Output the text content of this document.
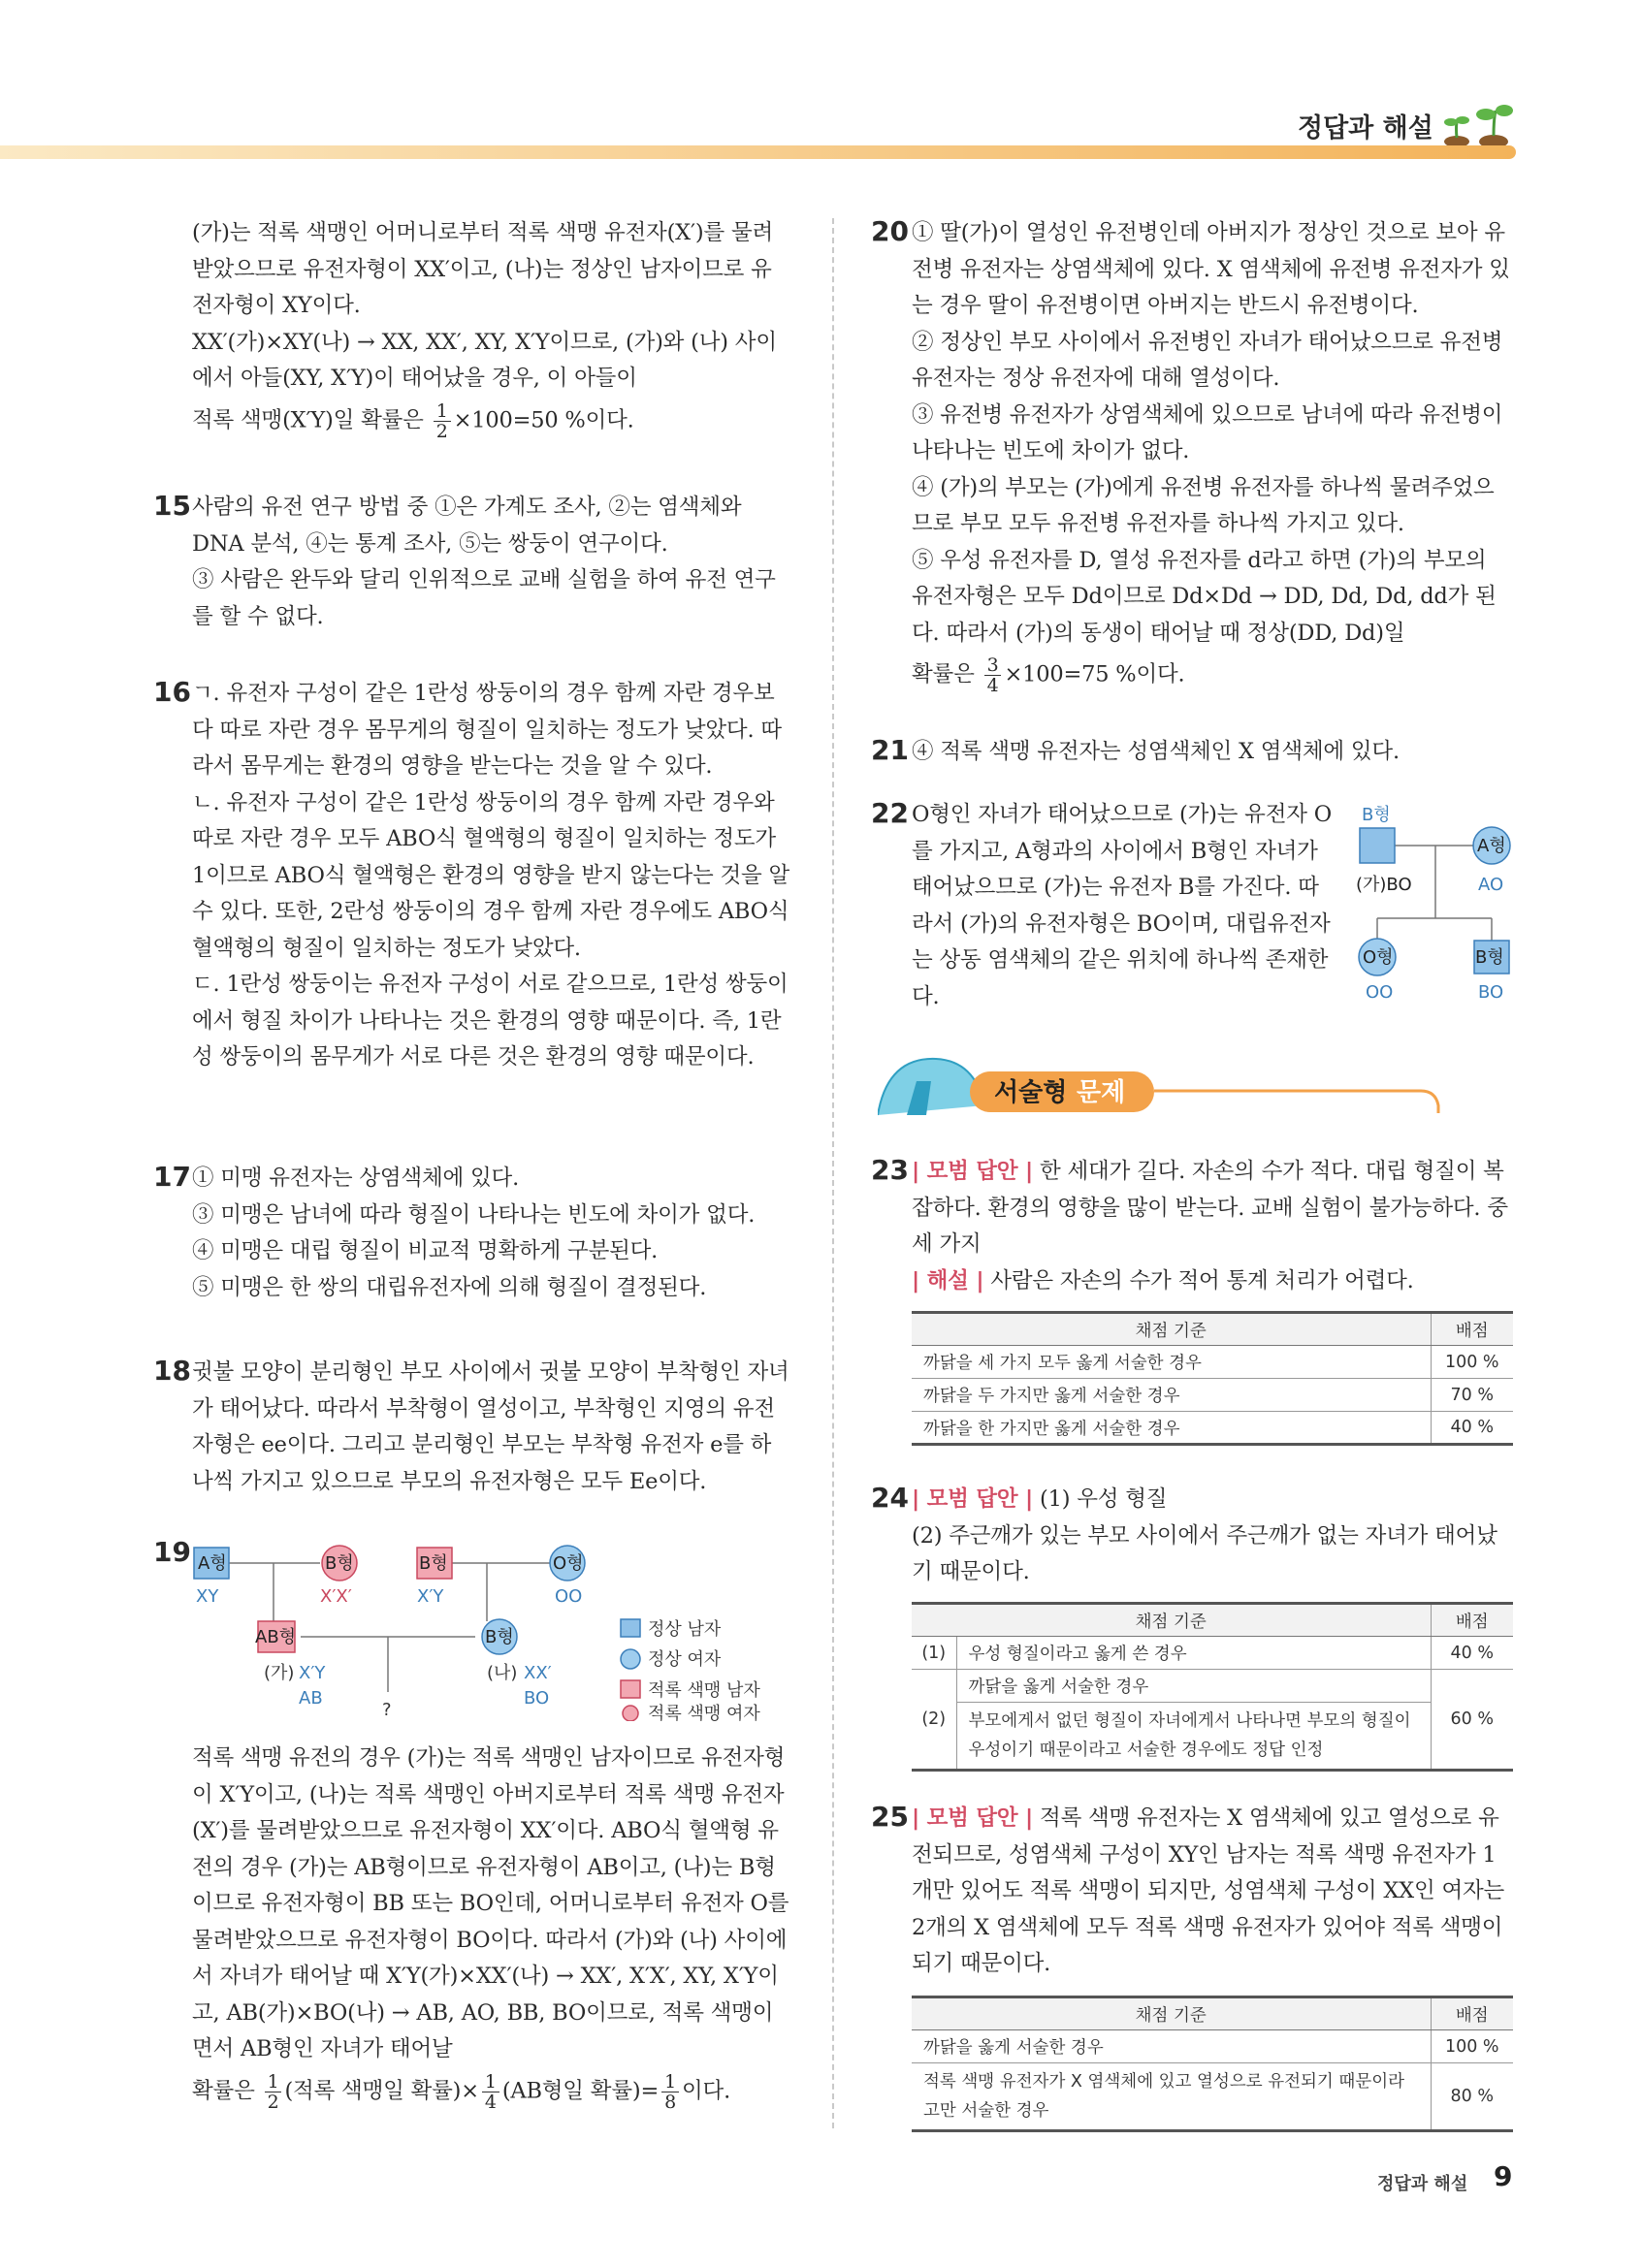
정답과 해설

(가)는 적록 색맹인 어머니로부터 적록 색맹 유전자(X′)를 물려받았으므로 유전자형이 XX′이고, (나)는 정상인 남자이므로 유전자형이 XY이다.

XX′(가)×XY(나) → XX, XX′, XY, X′Y이므로, (가)와 (나) 사이에서 아들(XY, X′Y)이 태어났을 경우, 이 아들이

적록 색맹(X′Y)일 확률은 $\frac{1}{2} \times 100=50$ %이다.

15 사람의 유전 연구 방법 중 ①은 가계도 조사, ②는 염색체와 DNA 분석, ④는 통계 조사, ⑤는 쌍둥이 연구이다.

③ 사람은 완두와 달리 인위적으로 교배 실험을 하여 유전 연구를 할 수 없다.

16 ㄱ. 유전자 구성이 같은 1란성 쌍둥이의 경우 함께 자란 경우보다 따로 자란 경우 몸무게의 형질이 일치하는 정도가 낮았다. 따라서 몸무게는 환경의 영향을 받는다는 것을 알 수 있다.

ㄴ. 유전자 구성이 같은 1란성 쌍둥이의 경우 함께 자란 경우와 따로 자란 경우 모두 ABO식 혈액형의 형질이 일치하는 정도가 1이므로 ABO식 혈액형은 환경의 영향을 받지 않는다는 것을 알 수 있다. 또한, 2란성 쌍둥이의 경우 함께 자란 경우에도 ABO식 혈액형의 형질이 일치하는 정도가 낮았다.

ㄷ. 1란성 쌍둥이는 유전자 구성이 서로 같으므로, 1란성 쌍둥이에서 형질 차이가 나타나는 것은 환경의 영향 때문이다. 즉, 1란성 쌍둥이의 몸무게가 서로 다른 것은 환경의 영향 때문이다.

17 ① 미맹 유전자는 상염색체에 있다.

③ 미맹은 남녀에 따라 형질이 나타나는 빈도에 차이가 없다.

④ 미맹은 대립 형질이 비교적 명확하게 구분된다.

⑤ 미맹은 한 쌍의 대립유전자에 의해 형질이 결정된다.

18 귓불 모양이 분리형인 부모 사이에서 귓불 모양이 부착형인 자녀가 태어났다. 따라서 부착형이 열성이고, 부착형인 지영의 유전자형은 ee이다. 그리고 분리형인 부모는 부착형 유전자 e를 하나씩 가지고 있으므로 부모의 유전자형은 모두 Ee이다.

19 A형
XY
B형
X′X′
B형
X′Y
O형
OO
AB형
(가) X′Y
AB
B형
(나) XX′
BO
?
정상 남자
정상 여자
적록 색맹 남자
적록 색맹 여자

적록 색맹 유전의 경우 (가)는 적록 색맹인 남자이므로 유전자형이 X′Y이고, (나)는 적록 색맹인 아버지로부터 적록 색맹 유전자(X′)를 물려받았으므로 유전자형이 XX′이다. ABO식 혈액형 유전의 경우 (가)는 AB형이므로 유전자형이 AB이고, (나)는 B형이므로 유전자형이 BB 또는 BO인데, 어머니로부터 유전자 O를 물려받았으므로 유전자형이 BO이다. 따라서 (가)와 (나) 사이에서 자녀가 태어날 때 X′Y(가)×XX′(나) → XX′, X′X′, XY, X′Y이고, AB(가)×BO(나) → AB, AO, BB, BO이므로, 적록 색맹이면서 AB형인 자녀가 태어날

확률은 $\frac{1}{2}$ (적록 색맹일 확률)× $\frac{1}{4} (AB$형일 확률)= $\frac{1}{8}$ 이다.

20 ① 딸(가)이 열성인 유전병인데 아버지가 정상인 것으로 보아 유전병 유전자는 상염색체에 있다. X 염색체에 유전병 유전자가 있는 경우 딸이 유전병이면 아버지는 반드시 유전병이다.

② 정상인 부모 사이에서 유전병인 자녀가 태어났으므로 유전병 유전자는 정상 유전자에 대해 열성이다.

③ 유전병 유전자가 상염색체에 있으므로 남녀에 따라 유전병이 나타나는 빈도에 차이가 없다.

④ (가)의 부모는 (가)에게 유전병 유전자를 하나씩 물려주었으므로 부모 모두 유전병 유전자를 하나씩 가지고 있다.

⑤ 우성 유전자를 D, 열성 유전자를 d라고 하면 (가)의 부모의 유전자형은 모두 Dd이므로 Dd×Dd → DD, Dd, Dd, dd가 된다. 따라서 (가)의 동생이 태어날 때 정상(DD, Dd)일

확률은 $\frac{3}{4} \times 100=75$ %이다.

21 ④ 적록 색맹 유전자는 성염색체인 X 염색체에 있다.
22 O형인 자녀가 태어났으므로 (가)는 유전자 O를 가지고, A형과의 사이에서 B형인 자녀가 태어났으므로 (가)는 유전자 B를 가진다. 따라서 (가)의 유전자형은 BO이며, 대립유전자는 상동 염색체의 같은 위치에 하나씩 존재한다.
B형
(가)BO
A형
AO
O형
OO
B형
BO
서술형 문제
23 | 모범 답안 | 한 세대가 길다. 자손의 수가 적다. 대립 형질이 복잡하다. 환경의 영향을 많이 받는다. 교배 실험이 불가능하다. 중 세 가지

| 해설 | 사람은 자손의 수가 적어 통계 처리가 어렵다.

채점 기준	배점
까닭을 세 가지 모두 옳게 서술한 경우	100 %
까닭을 두 가지만 옳게 서술한 경우	70 %
까닭을 한 가지만 옳게 서술한 경우	40 %
24 | 모범 답안 | (1) 우성 형질

(2) 주근깨가 있는 부모 사이에서 주근깨가 없는 자녀가 태어났기 때문이다.

채점 기준		배점
(1)	우성 형질이라고 옳게 쓴 경우	40 %
(2)	까닭을 옳게 서술한 경우
부모에게서 없던 형질이 자녀에게서 나타나면 부모의 형질이 우성이기 때문이라고 서술한 경우에도 정답 인정	60 %
25 | 모범 답안 | 적록 색맹 유전자는 X 염색체에 있고 열성으로 유전되므로, 성염색체 구성이 XY인 남자는 적록 색맹 유전자가 1개만 있어도 적록 색맹이 되지만, 성염색체 구성이 XX인 여자는 2개의 X 염색체에 모두 적록 색맹 유전자가 있어야 적록 색맹이 되기 때문이다.

채점 기준	배점
까닭을 옳게 서술한 경우	100 %
적록 색맹 유전자가 X 염색체에 있고 열성으로 유전되기 때문이라고만 서술한 경우	80 %
정답과 해설 9
